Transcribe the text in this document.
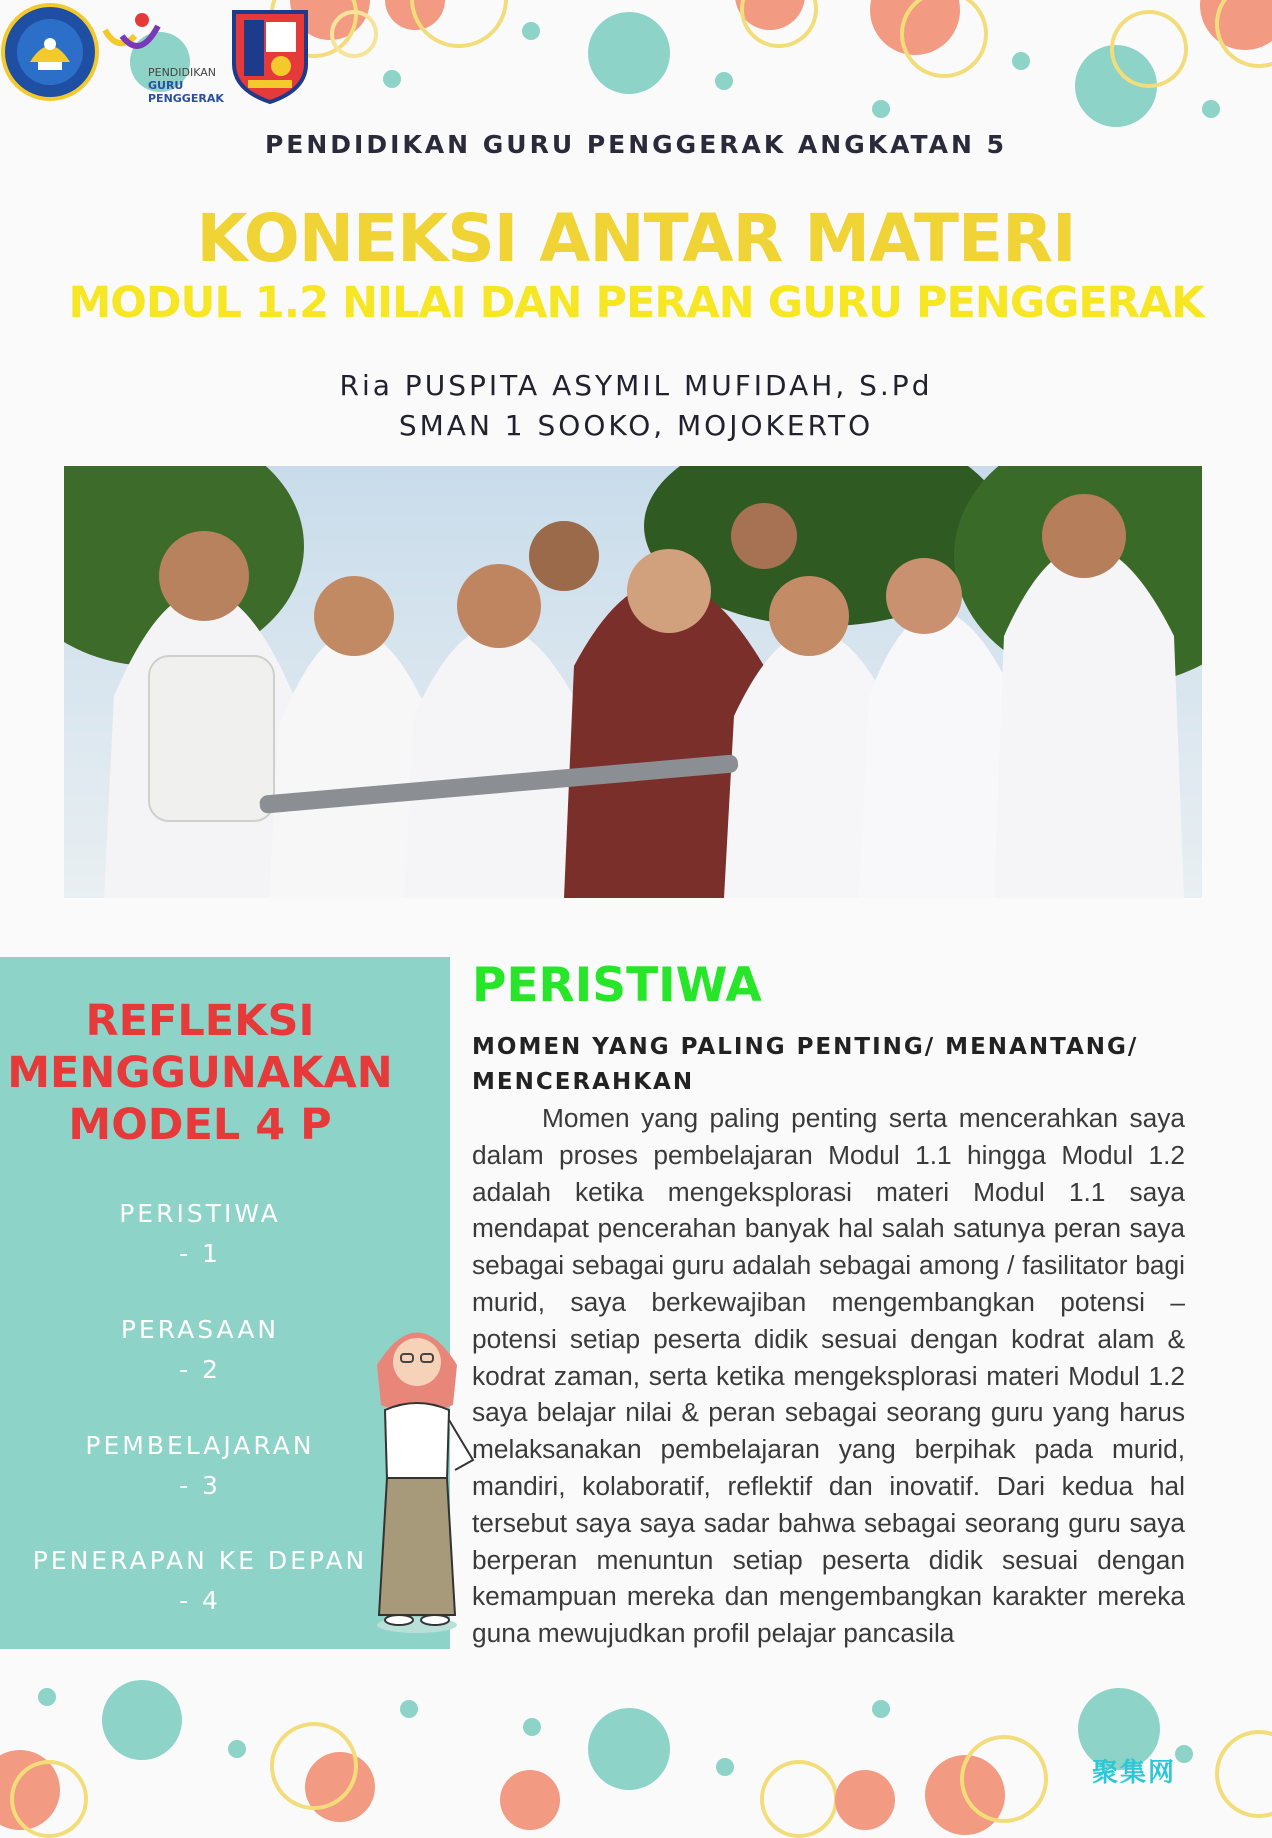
PENDIDIKAN
GURU
PENGGERAK
PENDIDIKAN GURU PENGGERAK ANGKATAN 5
KONEKSI ANTAR MATERI
MODUL 1.2 NILAI DAN PERAN GURU PENGGERAK
Ria PUSPITA ASYMIL MUFIDAH, S.Pd
SMAN 1 SOOKO, MOJOKERTO
REFLEKSI
MENGGUNAKAN
MODEL 4 P
PERISTIWA
- 1
PERASAAN
- 2
PEMBELAJARAN
- 3
PENERAPAN KE DEPAN
- 4
PERISTIWA
MOMEN YANG PALING PENTING/ MENANTANG/ MENCERAHKAN
Momen yang paling penting serta mencerahkan saya dalam proses pembelajaran Modul 1.1 hingga Modul 1.2 adalah ketika mengeksplorasi materi Modul 1.1 saya mendapat pencerahan banyak hal salah satunya peran saya sebagai sebagai guru adalah sebagai among / fasilitator bagi murid, saya berkewajiban mengembangkan potensi – potensi setiap peserta didik sesuai dengan kodrat alam & kodrat zaman, serta ketika mengeksplorasi materi Modul 1.2 saya belajar nilai & peran sebagai seorang guru yang harus melaksanakan pembelajaran yang berpihak pada murid, mandiri, kolaboratif, reflektif dan inovatif. Dari kedua hal tersebut saya saya sadar bahwa sebagai seorang guru saya berperan menuntun setiap peserta didik sesuai dengan kemampuan mereka dan mengembangkan karakter mereka guna mewujudkan profil pelajar pancasila
聚集网
